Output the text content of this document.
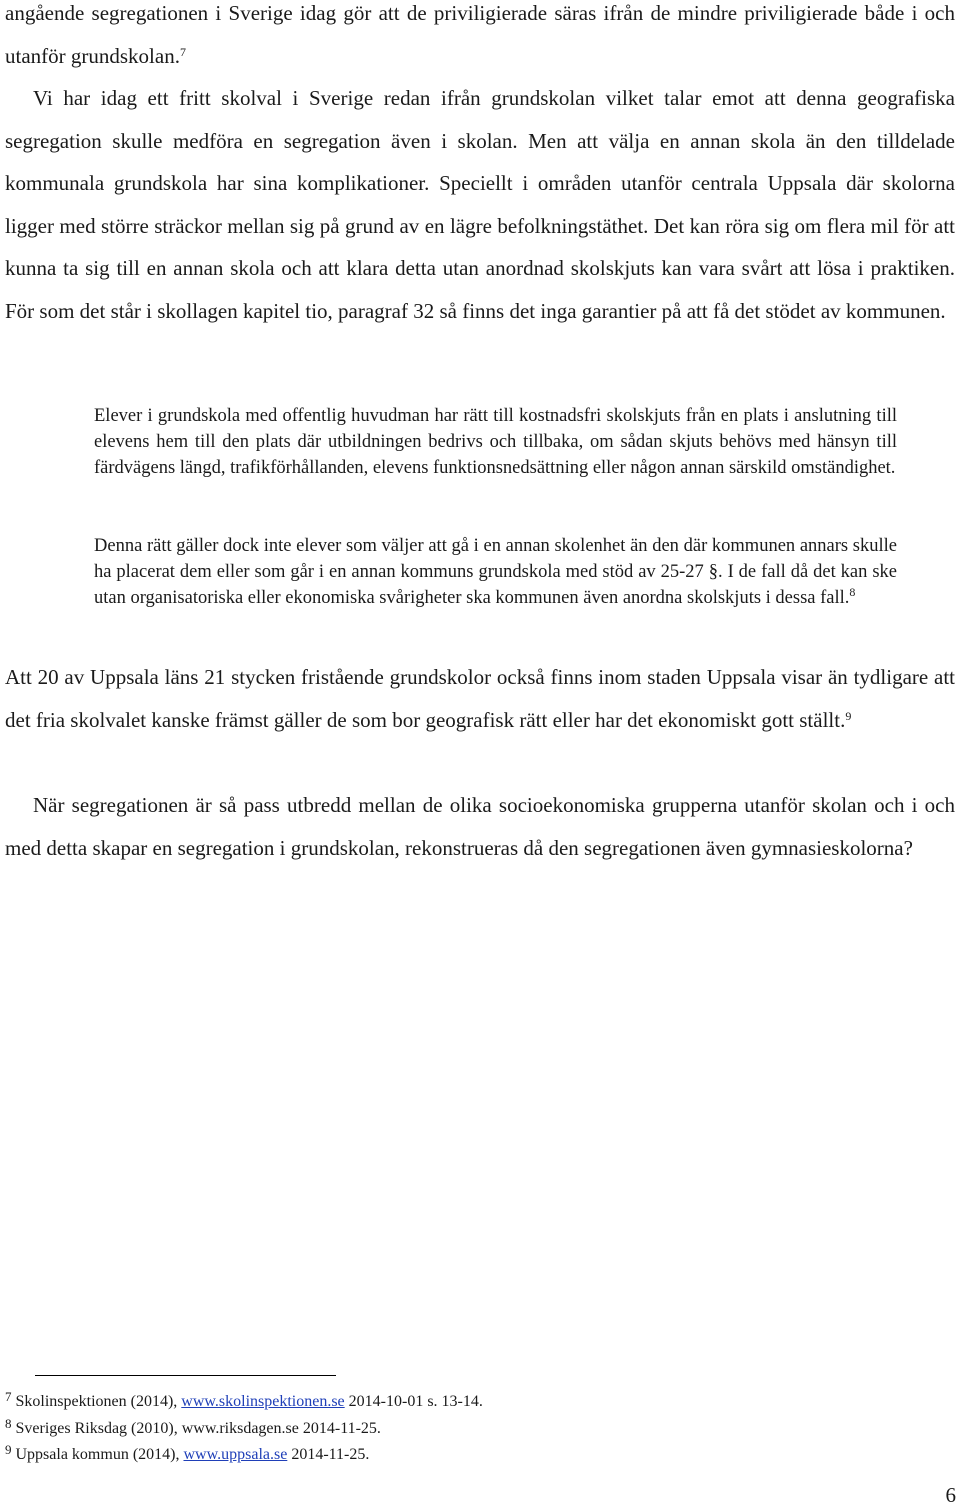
angående segregationen i Sverige idag gör att de priviligierade säras ifrån de mindre priviligierade både i och utanför grundskolan.$^7$
Vi har idag ett fritt skolval i Sverige redan ifrån grundskolan vilket talar emot att denna geografiska segregation skulle medföra en segregation även i skolan. Men att välja en annan skola än den tilldelade kommunala grundskola har sina komplikationer. Speciellt i områden utanför centrala Uppsala där skolorna ligger med större sträckor mellan sig på grund av en lägre befolkningstäthet. Det kan röra sig om flera mil för att kunna ta sig till en annan skola och att klara detta utan anordnad skolskjuts kan vara svårt att lösa i praktiken. För som det står i skollagen kapitel tio, paragraf 32 så finns det inga garantier på att få det stödet av kommunen.

Elever i grundskola med offentlig huvudman har rätt till kostnadsfri skolskjuts från en plats i anslutning till elevens hem till den plats där utbildningen bedrivs och tillbaka, om sådan skjuts behövs med hänsyn till färdvägens längd, trafikförhållanden, elevens funktionsnedsättning eller någon annan särskild omständighet.

Denna rätt gäller dock inte elever som väljer att gå i en annan skolenhet än den där kommunen annars skulle ha placerat dem eller som går i en annan kommuns grundskola med stöd av 25-27 §. I de fall då det kan ske utan organisatoriska eller ekonomiska svårigheter ska kommunen även anordna skolskjuts i dessa fall.$^8$

Att 20 av Uppsala läns 21 stycken fristående grundskolor också finns inom staden Uppsala visar än tydligare att det fria skolvalet kanske främst gäller de som bor geografisk rätt eller har det ekonomiskt gott ställt.$^9$

När segregationen är så pass utbredd mellan de olika socioekonomiska grupperna utanför skolan och i och med detta skapar en segregation i grundskolan, rekonstrueras då den segregationen även gymnasieskolorna?

$^7$ Skolinspektionen (2014), www.skolinspektionen.se 2014-10-01 s. 13-14.
$^8$ Sveriges Riksdag (2010), www.riksdagen.se 2014-11-25.
$^9$ Uppsala kommun (2014), www.uppsala.se 2014-11-25.
6
